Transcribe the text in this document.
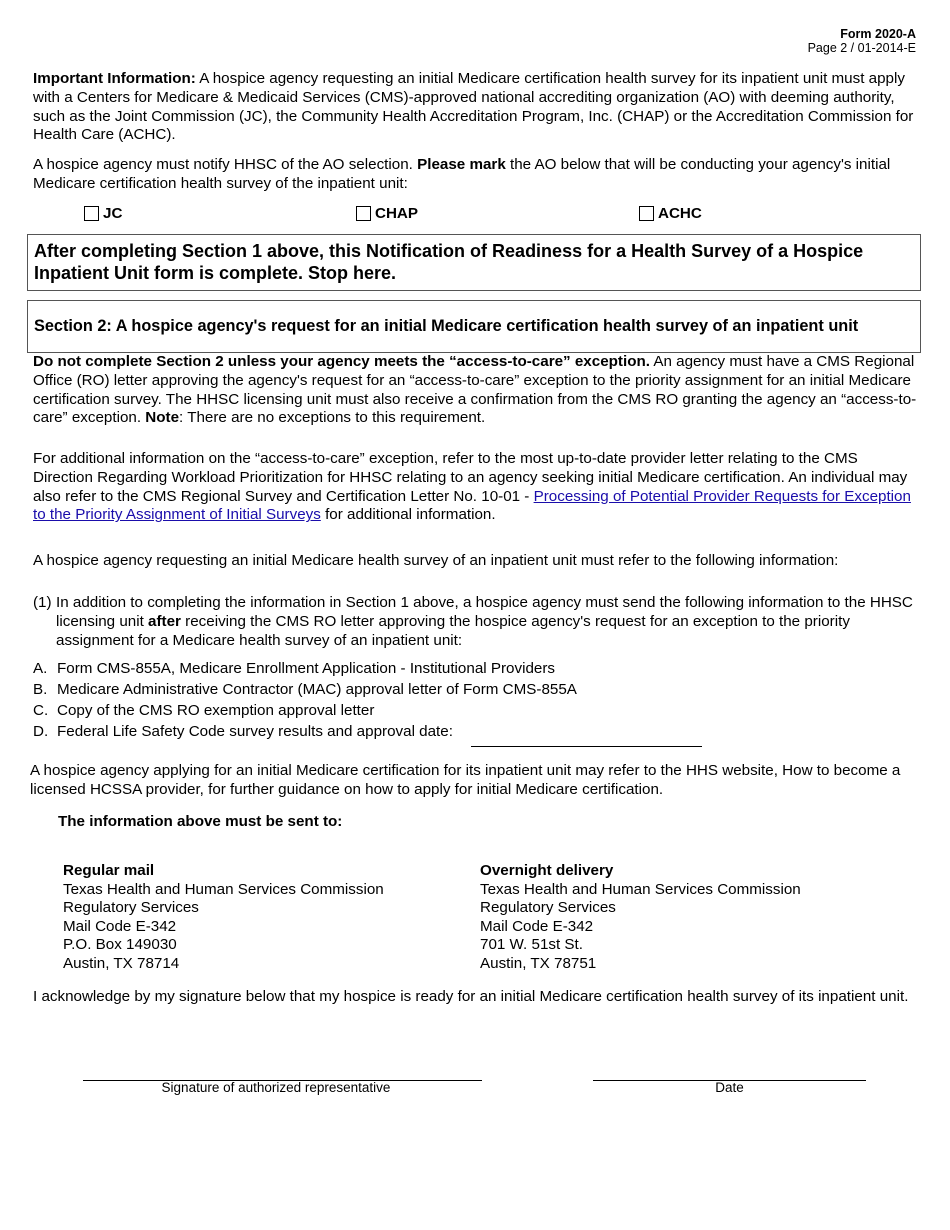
Form 2020-A
Page 2 / 01-2014-E
Important Information: A hospice agency requesting an initial Medicare certification health survey for its inpatient unit must apply with a Centers for Medicare & Medicaid Services (CMS)-approved national accrediting organization (AO) with deeming authority, such as the Joint Commission (JC), the Community Health Accreditation Program, Inc. (CHAP) or the Accreditation Commission for Health Care (ACHC).
A hospice agency must notify HHSC of the AO selection. Please mark the AO below that will be conducting your agency's initial Medicare certification health survey of the inpatient unit:
JC	CHAP	ACHC
After completing Section 1 above, this Notification of Readiness for a Health Survey of a Hospice Inpatient Unit form is complete. Stop here.
Section 2: A hospice agency's request for an initial Medicare certification health survey of an inpatient unit
Do not complete Section 2 unless your agency meets the “access-to-care” exception. An agency must have a CMS Regional Office (RO) letter approving the agency's request for an “access-to-care” exception to the priority assignment for an initial Medicare certification survey. The HHSC licensing unit must also receive a confirmation from the CMS RO granting the agency an “access-to-care” exception. Note: There are no exceptions to this requirement.
For additional information on the “access-to-care” exception, refer to the most up-to-date provider letter relating to the CMS Direction Regarding Workload Prioritization for HHSC relating to an agency seeking initial Medicare certification. An individual may also refer to the CMS Regional Survey and Certification Letter No. 10-01 - Processing of Potential Provider Requests for Exception to the Priority Assignment of Initial Surveys for additional information.
A hospice agency requesting an initial Medicare health survey of an inpatient unit must refer to the following information:
(1) In addition to completing the information in Section 1 above, a hospice agency must send the following information to the HHSC licensing unit after receiving the CMS RO letter approving the hospice agency's request for an exception to the priority assignment for a Medicare health survey of an inpatient unit:
A. Form CMS-855A, Medicare Enrollment Application - Institutional Providers
B. Medicare Administrative Contractor (MAC) approval letter of Form CMS-855A
C. Copy of the CMS RO exemption approval letter
D. Federal Life Safety Code survey results and approval date:
A hospice agency applying for an initial Medicare certification for its inpatient unit may refer to the HHS website, How to become a licensed HCSSA provider, for further guidance on how to apply for initial Medicare certification.
The information above must be sent to:
Regular mail
Texas Health and Human Services Commission
Regulatory Services
Mail Code E-342
P.O. Box 149030
Austin, TX 78714
Overnight delivery
Texas Health and Human Services Commission
Regulatory Services
Mail Code E-342
701 W. 51st St.
Austin, TX 78751
I acknowledge by my signature below that my hospice is ready for an initial Medicare certification health survey of its inpatient unit.
Signature of authorized representative	Date
